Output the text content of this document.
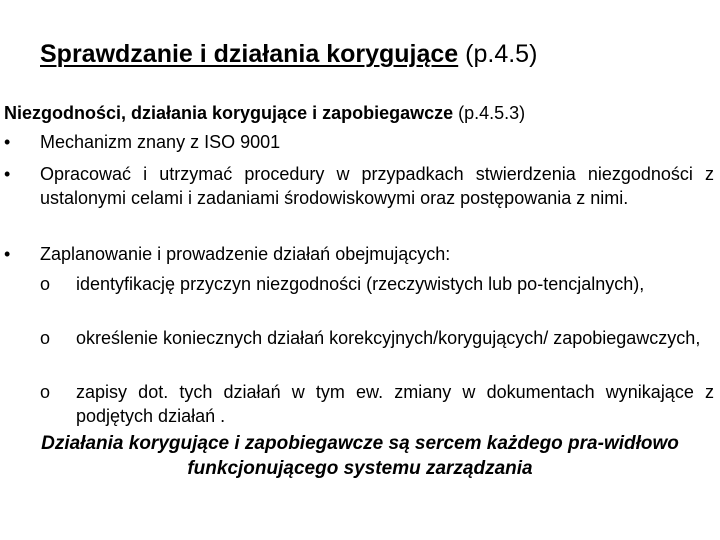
Sprawdzanie i działania korygujące (p.4.5)
Niezgodności, działania korygujące i zapobiegawcze (p.4.5.3)
• Mechanizm znany z ISO 9001
• Opracować i utrzymać procedury w przypadkach stwierdzenia niezgodności z ustalonymi celami i zadaniami środowiskowymi oraz postępowania z nimi.
• Zaplanowanie i prowadzenie działań obejmujących:
o identyfikację przyczyn niezgodności (rzeczywistych lub po-tencjalnych),
o określenie koniecznych działań korekcyjnych/korygujących/ zapobiegawczych,
o zapisy dot. tych działań w tym ew. zmiany w dokumentach wynikające z podjętych działań .
Działania korygujące i zapobiegawcze są sercem każdego pra-widłowo funkcjonującego systemu zarządzania
